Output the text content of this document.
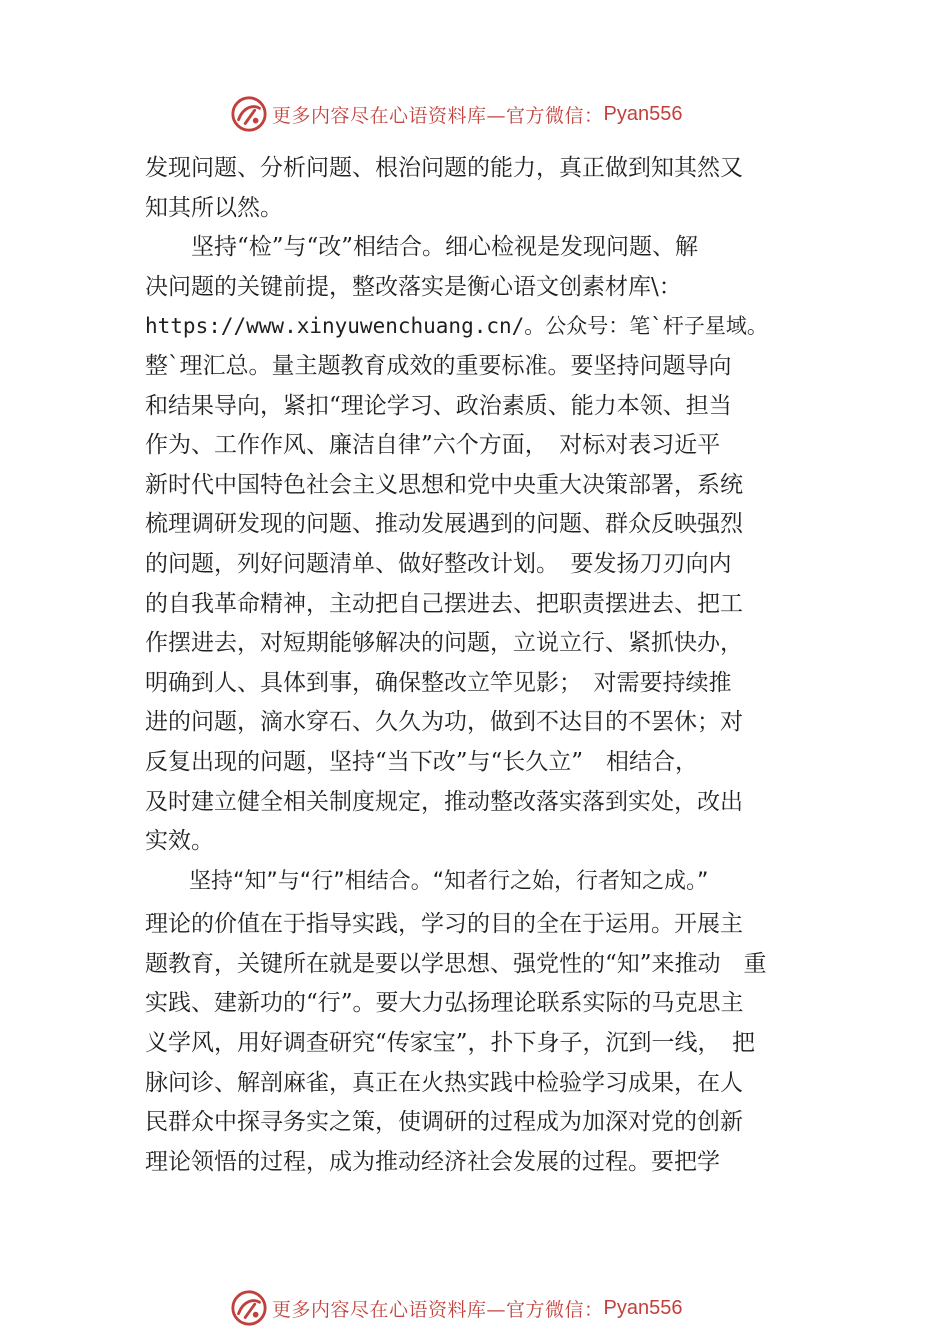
更多内容尽在心语资料库—官方微信： Pyan556
发现问题、分析问题、根治问题的能力，真正做到知其然又
知其所以然。
　　坚持“检”与“改”相结合。细心检视是发现问题、解
决问题的关键前提，整改落实是衡心语文创素材库\：
https://www.xinyuwenchuang.cn/。公众号：笔`杆子星域。
整`理汇总。量主题教育成效的重要标准。要坚持问题导向
和结果导向，紧扣“理论学习、政治素质、能力本领、担当
作为、工作作风、廉洁自律”六个方面，　对标对表习近平
新时代中国特色社会主义思想和党中央重大决策部署，系统
梳理调研发现的问题、推动发展遇到的问题、群众反映强烈
的问题，列好问题清单、做好整改计划。　要发扬刀刃向内
的自我革命精神，主动把自己摆进去、把职责摆进去、把工
作摆进去，对短期能够解决的问题，立说立行、紧抓快办，
明确到人、具体到事，确保整改立竿见影；　对需要持续推
进的问题，滴水穿石、久久为功，做到不达目的不罢休；对
反复出现的问题，坚持“当下改”与“长久立”　相结合，
及时建立健全相关制度规定，推动整改落实落到实处，改出
实效。
　　坚持“知”与“行”相结合。“知者行之始，行者知之成。”
理论的价值在于指导实践，学习的目的全在于运用。开展主
题教育，关键所在就是要以学思想、强党性的“知”来推动　重
实践、建新功的“行”。要大力弘扬理论联系实际的马克思主
义学风，用好调查研究“传家宝”，扑下身子，沉到一线，　把
脉问诊、解剖麻雀，真正在火热实践中检验学习成果，在人
民群众中探寻务实之策，使调研的过程成为加深对党的创新
理论领悟的过程，成为推动经济社会发展的过程。要把学
更多内容尽在心语资料库—官方微信： Pyan556
